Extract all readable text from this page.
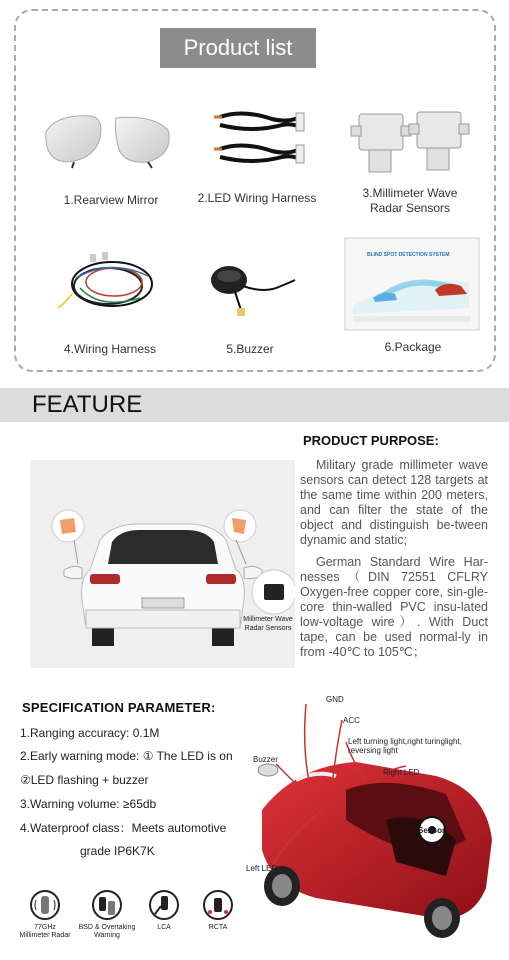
Product list
1.Rearview Mirror	2.LED Wiring Harness	3.Millimeter Wave
Radar Sensors
4.Wiring Harness	5.Buzzer
BLIND SPOT DETECTION SYSTEM
6.Package
FEATURE
PRODUCT PURPOSE:
Military grade millimeter wave sensors can detect 128 targets at the same time within 200 meters, and can filter the state of the object and distinguish be-tween dynamic and static;
German Standard Wire Har-nesses（DIN 72551 CFLRY Oxygen-free copper core, sin-gle-core thin-walled PVC insu-lated low-voltage wire）. With Duct tape, can be used normal-ly in from -40℃ to 105℃；
Millimeter Wave
Radar Sensors
SPECIFICATION PARAMETER:
1.Ranging accuracy: 0.1M
2.Early warning mode: ① The LED is on
②LED flashing + buzzer
3.Warning volume: ≥65db
4.Waterproof class：Meets automotive
grade IP6K7K
77GHz
Millimeter Radar
BSD & Overtaking
Warning
LCA	RCTA
GND
ACC
Left turning light,right turinglight,
reversing light
Right LED
Buzzer
Sensor
Left LED
